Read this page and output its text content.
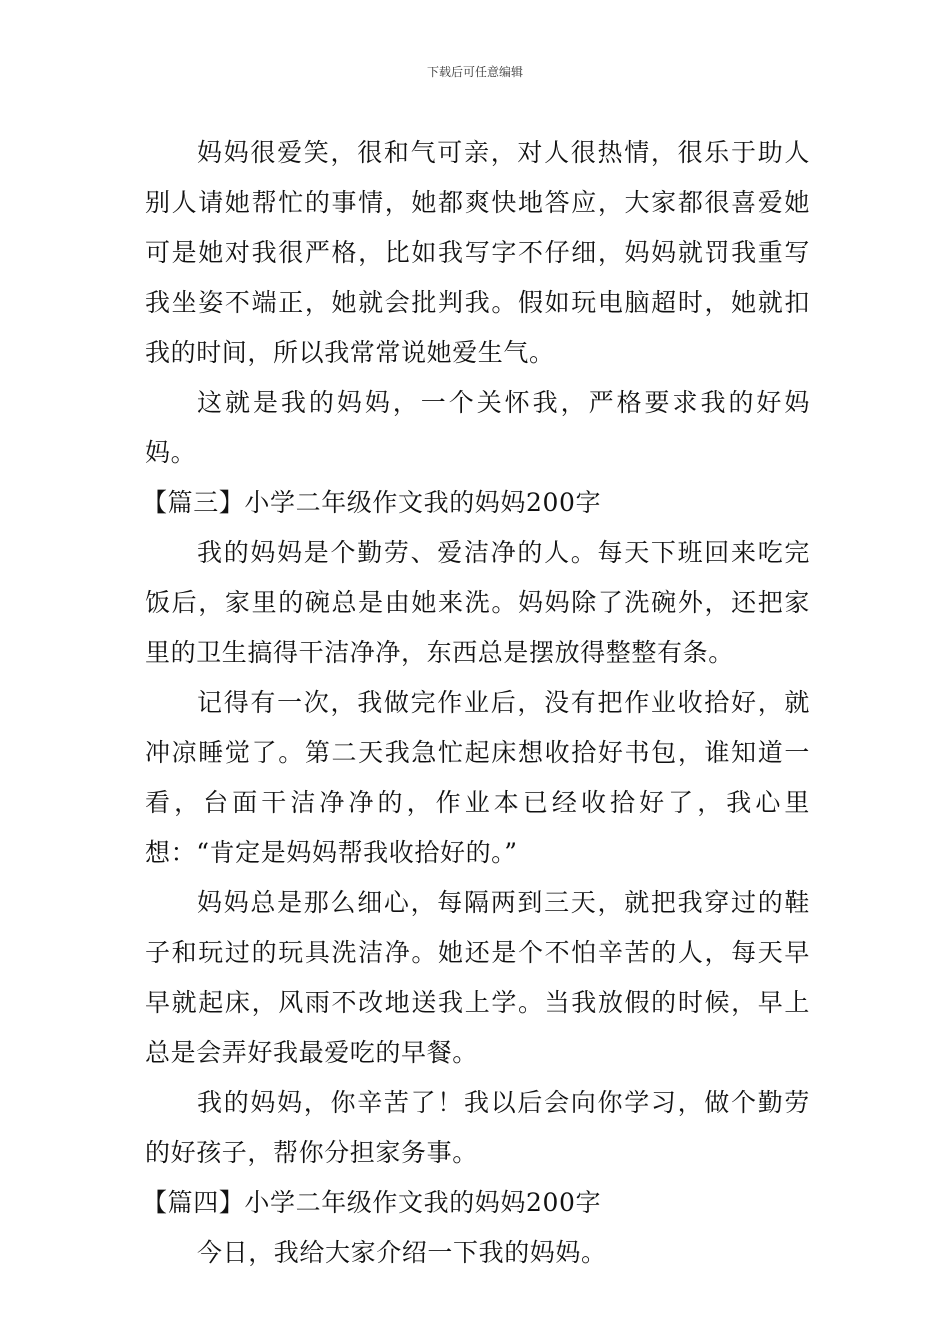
下载后可任意编辑

妈妈很爱笑，很和气可亲，对人很热情，很乐于助人别人请她帮忙的事情，她都爽快地答应，大家都很喜爱她可是她对我很严格，比如我写字不仔细，妈妈就罚我重写我坐姿不端正，她就会批判我。假如玩电脑超时，她就扣我的时间，所以我常常说她爱生气。

这就是我的妈妈，一个关怀我，严格要求我的好妈妈。

【篇三】小学二年级作文我的妈妈200字

我的妈妈是个勤劳、爱洁净的人。每天下班回来吃完饭后，家里的碗总是由她来洗。妈妈除了洗碗外，还把家里的卫生搞得干洁净净，东西总是摆放得整整有条。

记得有一次，我做完作业后，没有把作业收拾好，就冲凉睡觉了。第二天我急忙起床想收拾好书包，谁知道一看，台面干洁净净的，作业本已经收拾好了，我心里想：“肯定是妈妈帮我收拾好的。”

妈妈总是那么细心，每隔两到三天，就把我穿过的鞋子和玩过的玩具洗洁净。她还是个不怕辛苦的人，每天早早就起床，风雨不改地送我上学。当我放假的时候，早上总是会弄好我最爱吃的早餐。

我的妈妈，你辛苦了！我以后会向你学习，做个勤劳的好孩子，帮你分担家务事。

【篇四】小学二年级作文我的妈妈200字

今日，我给大家介绍一下我的妈妈。
